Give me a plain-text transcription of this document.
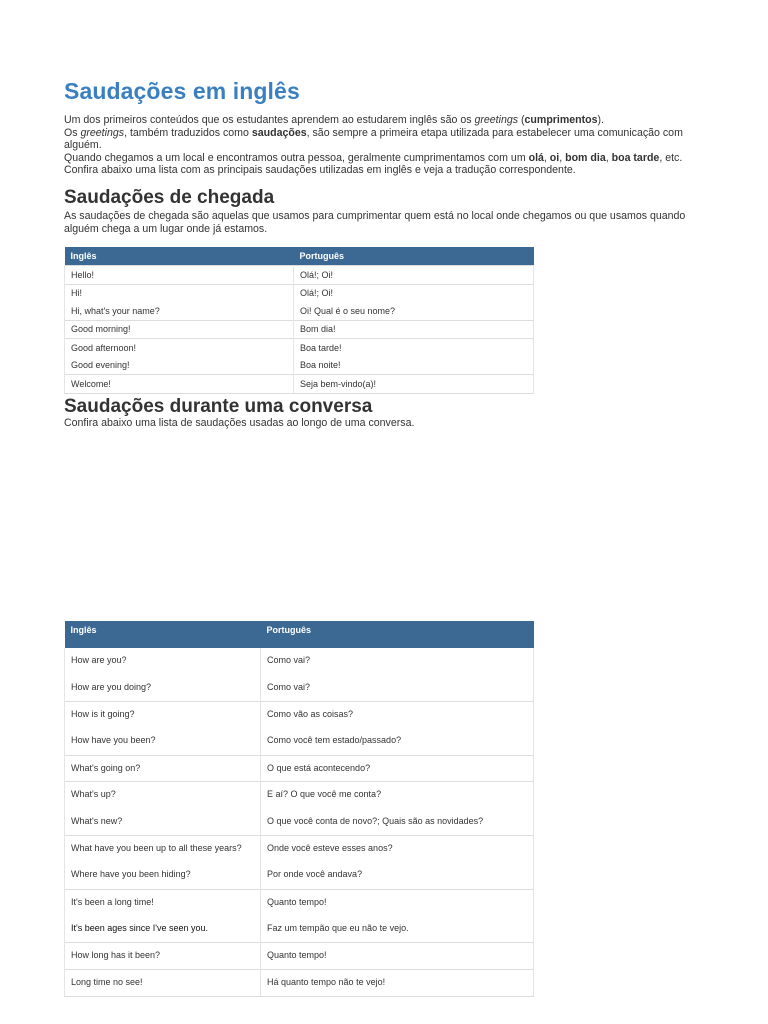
Saudações em inglês

Um dos primeiros conteúdos que os estudantes aprendem ao estudarem inglês são os greetings (cumprimentos).

Os greetings, também traduzidos como saudações, são sempre a primeira etapa utilizada para estabelecer uma comunicação com alguém.

Quando chegamos a um local e encontramos outra pessoa, geralmente cumprimentamos com um olá, oi, bom dia, boa tarde, etc.

Confira abaixo uma lista com as principais saudações utilizadas em inglês e veja a tradução correspondente.

Saudações de chegada

As saudações de chegada são aquelas que usamos para cumprimentar quem está no local onde chegamos ou que usamos quando alguém chega a um lugar onde já estamos.

Inglês	Português
Hello!	Olá!; Oi!
Hi!	Olá!; Oi!
Hi, what's your name?	Oi! Qual é o seu nome?
Good morning!	Bom dia!
Good afternoon!	Boa tarde!
Good evening!	Boa noite!
Welcome!	Seja bem-vindo(a)!
Saudações durante uma conversa

Confira abaixo uma lista de saudações usadas ao longo de uma conversa.

Inglês	Português
How are you?	Como vai?
How are you doing?	Como vai?
How is it going?	Como vão as coisas?
How have you been?	Como você tem estado/passado?
What's going on?	O que está acontecendo?
What's up?	E aí? O que você me conta?
What's new?	O que você conta de novo?; Quais são as novidades?
What have you been up to all these years?	Onde você esteve esses anos?
Where have you been hiding?	Por onde você andava?
It's been a long time!	Quanto tempo!
It's been ages since I've seen you.	Faz um tempão que eu não te vejo.
How long has it been?	Quanto tempo!
Long time no see!	Há quanto tempo não te vejo!
